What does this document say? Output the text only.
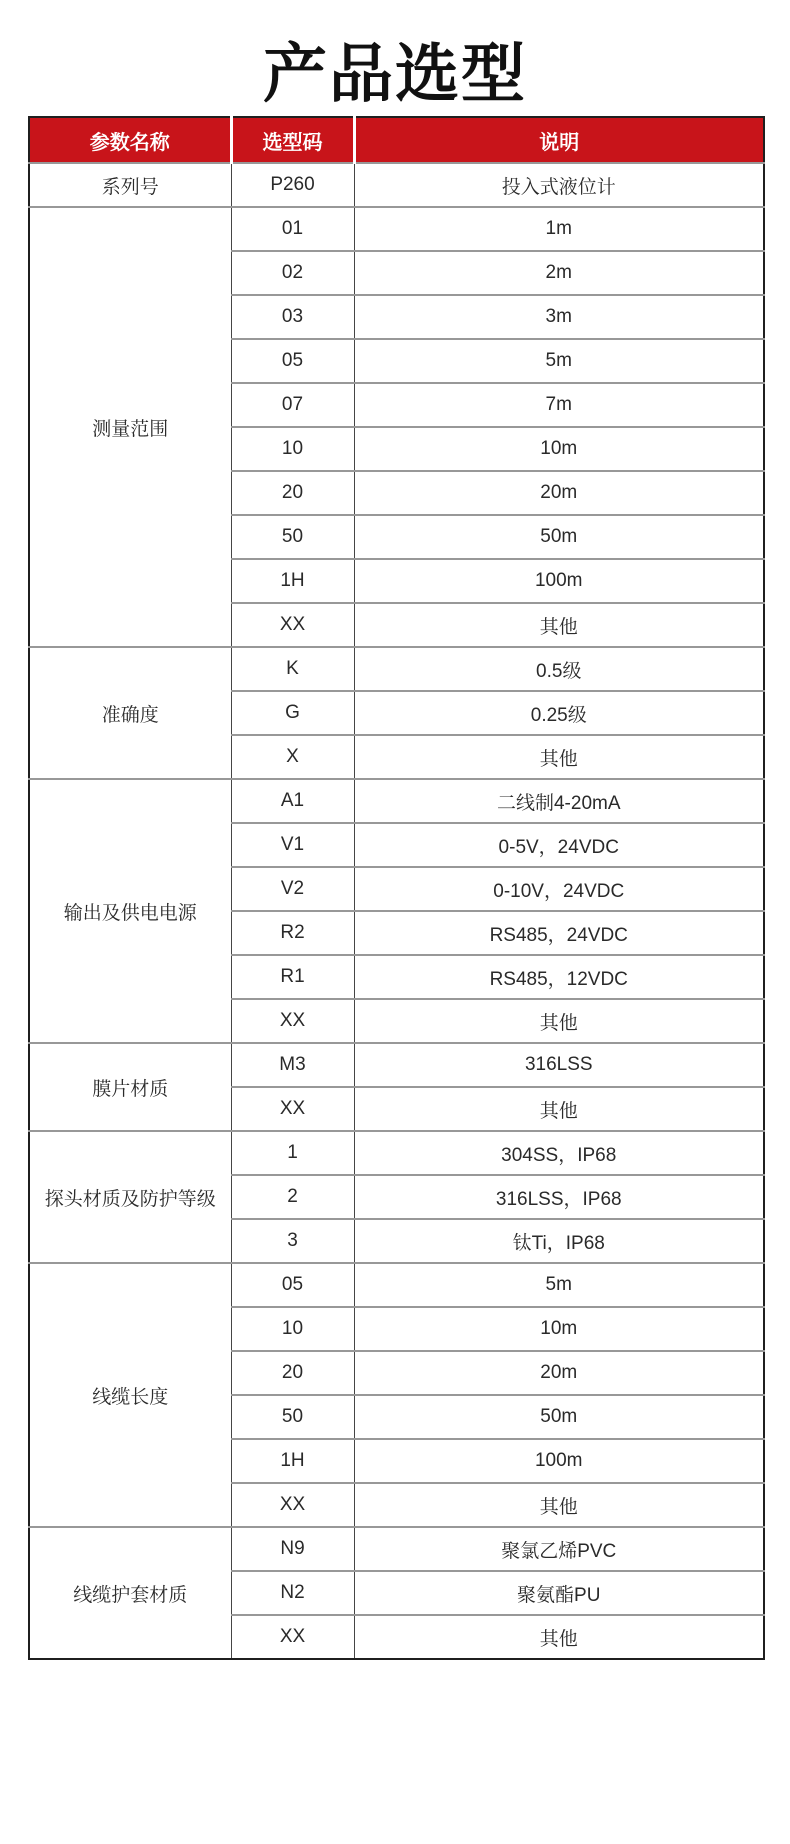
产品选型
参数名称	选型码	说明
系列号	P260	投入式液位计
测量范围	01	1m
	02	2m
	03	3m
	05	5m
	07	7m
	10	10m
	20	20m
	50	50m
	1H	100m
	XX	其他
准确度	K	0.5级
	G	0.25级
	X	其他
输出及供电电源	A1	二线制4-20mA
	V1	0-5V，24VDC
	V2	0-10V，24VDC
	R2	RS485，24VDC
	R1	RS485，12VDC
	XX	其他
膜片材质	M3	316LSS
	XX	其他
探头材质及防护等级	1	304SS，IP68
	2	316LSS，IP68
	3	钛Ti，IP68
线缆长度	05	5m
	10	10m
	20	20m
	50	50m
	1H	100m
	XX	其他
线缆护套材质	N9	聚氯乙烯PVC
	N2	聚氨酯PU
	XX	其他
